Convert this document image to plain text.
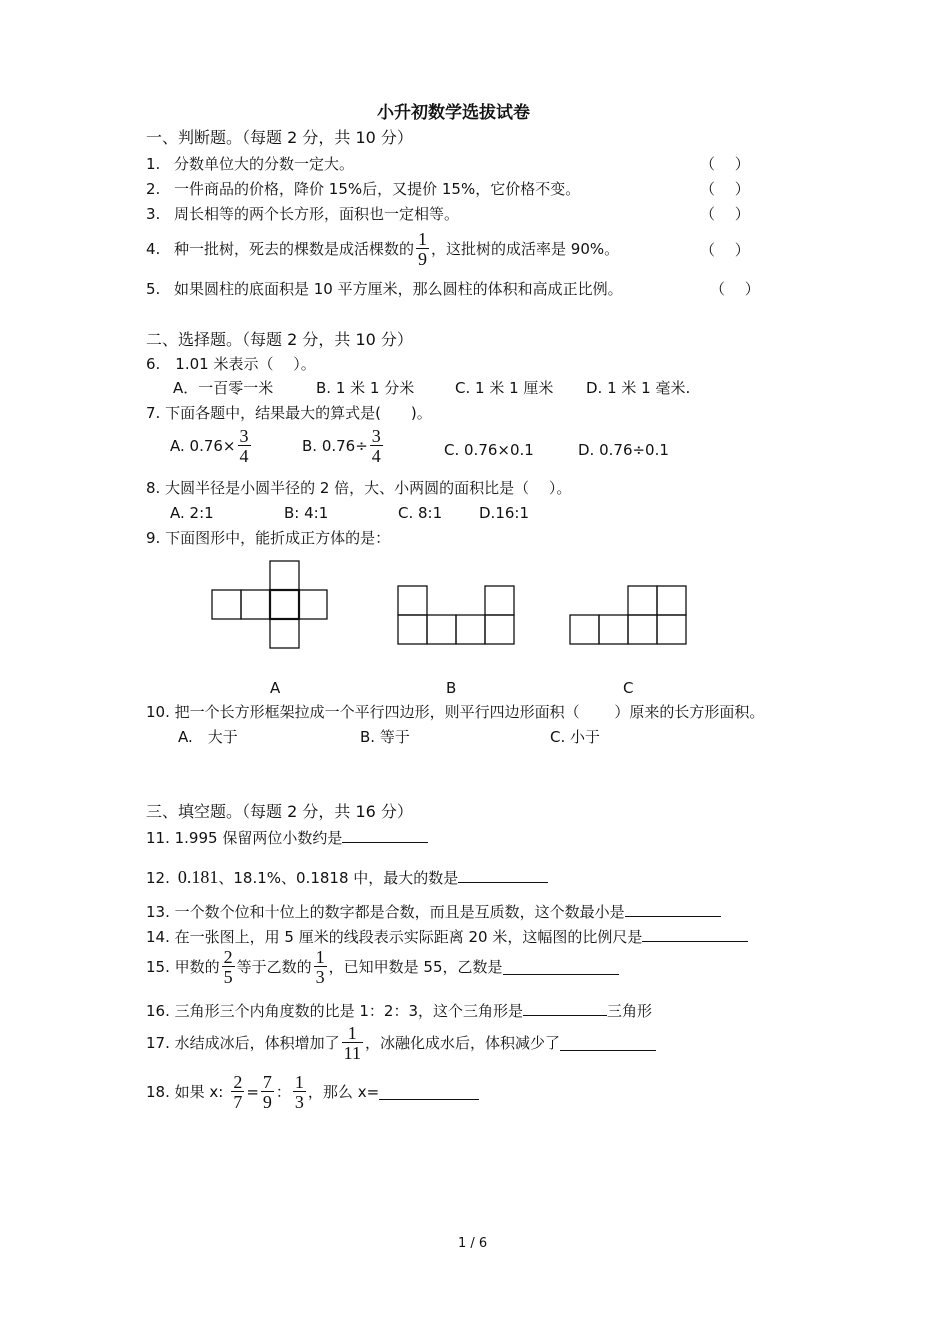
小升初数学选拔试卷
一、判断题。（每题 2 分，共 10 分）
1. 分数单位大的分数一定大。	（　 ）
2. 一件商品的价格，降价 15%后，又提价 15%，它价格不变。	（　 ）
3. 周长相等的两个长方形，面积也一定相等。	（　 ）
4. 种一批树，死去的棵数是成活棵数的 $\frac{1}{9}$ ，这批树的成活率是 90%。	（　 ）
5. 如果圆柱的底面积是 10 平方厘米，那么圆柱的体积和高成正比例。	（　 ）
二、选择题。（每题 2 分，共 10 分）
6.　1.01 米表示（　 ）。
A．一百零一米	B. 1 米 1 分米	C. 1 米 1 厘米 D. 1 米 1 毫米.
7. 下面各题中，结果最大的算式是(　　)。
A. $0.76\times \frac{3}{4}$	B. $0.76\div \frac{3}{4}$	C. 0.76×0.1	D. 0.76÷0.1
8. 大圆半径是小圆半径的 2 倍，大、小两圆的面积比是（　 ）。
A. 2:1	B: 4:1	C. 8:1 D.16:1
9. 下面图形中，能折成正方体的是：
A	B	C
10. 把一个长方形框架拉成一个平行四边形，则平行四边形面积（　　 ）原来的长方形面积。
A.　大于	B. 等于	C. 小于
三、填空题。（每题 2 分，共 16 分）
11. 1.995 保留两位小数约是
12. 0.181 、18.1%、0.1818 中，最大的数是
13. 一个数个位和十位上的数字都是合数，而且是互质数，这个数最小是
14. 在一张图上，用 5 厘米的线段表示实际距离 20 米，这幅图的比例尺是
15. 甲数的 $\frac{2}{5}$ 等于乙数的 $\frac{1}{3}$ ，已知甲数是 55，乙数是
16. 三角形三个内角度数的比是 1：2：3，这个三角形是	三角形
17. 水结成冰后，体积增加了 $\frac{1}{11}$ ，冰融化成水后，体积减少了
18. 如果 x: $\frac{2}{7} = \frac{7}{9}$ ： $\frac{1}{3}$ ，那么 x=
1 / 6
